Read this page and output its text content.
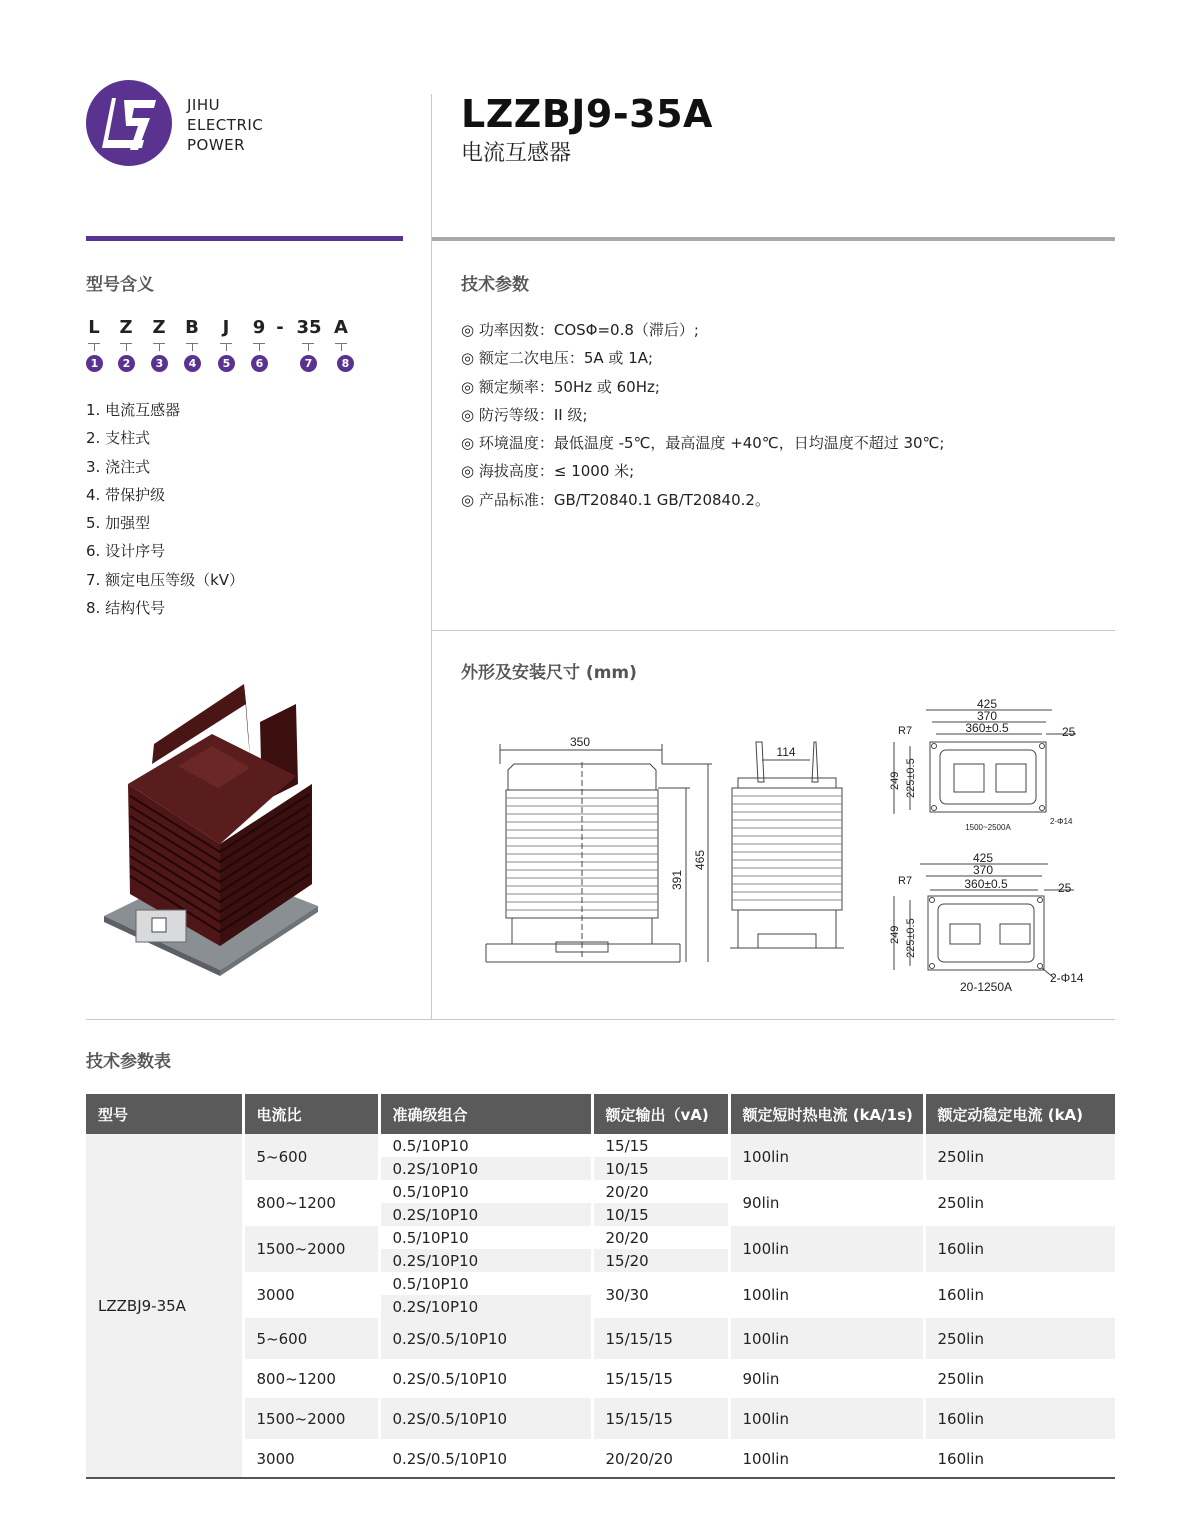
JIHU
ELECTRIC
POWER
LZZBJ9-35A
电流互感器
型号含义
L Z Z B	J	9 - 35 A
1	2	3	4	5	6	7	8
1. 电流互感器
2. 支柱式
3. 浇注式
4. 带保护级
5. 加强型
6. 设计序号
7. 额定电压等级（kV）
8. 结构代号
技术参数
◎ 功率因数：COSΦ=0.8（滞后）;
◎ 额定二次电压：5A 或 1A;
◎ 额定频率：50Hz 或 60Hz;
◎ 防污等级：II 级;
◎ 环境温度：最低温度 -5℃，最高温度 +40℃，日均温度不超过 30℃;
◎ 海拔高度：≤ 1000 米;
◎ 产品标准：GB/T20840.1 GB/T20840.2。
外形及安装尺寸 (mm)
350
391
465
114
425
370
360±0.5
R7	25
249 225±0.5
2-Φ14
1500~2500A
425
370
360±0.5
R7	25
249 225±0.5
2-Φ14
20-1250A
技术参数表
型号	电流比	准确级组合	额定输出（vA)	额定短时热电流 (kA/1s)	额定动稳定电流 (kA)
LZZBJ9-35A	5~600	0.5/10P10	15/15	100lin	250lin
		0.2S/10P10	10/15		
	800~1200	0.5/10P10	20/20	90lin	250lin
		0.2S/10P10	10/15		
	1500~2000	0.5/10P10	20/20	100lin	160lin
		0.2S/10P10	15/20		
	3000	0.5/10P10	30/30	100lin	160lin
		0.2S/10P10			
	5~600	0.2S/0.5/10P10	15/15/15	100lin	250lin
	800~1200	0.2S/0.5/10P10	15/15/15	90lin	250lin
	1500~2000	0.2S/0.5/10P10	15/15/15	100lin	160lin
	3000	0.2S/0.5/10P10	20/20/20	100lin	160lin
